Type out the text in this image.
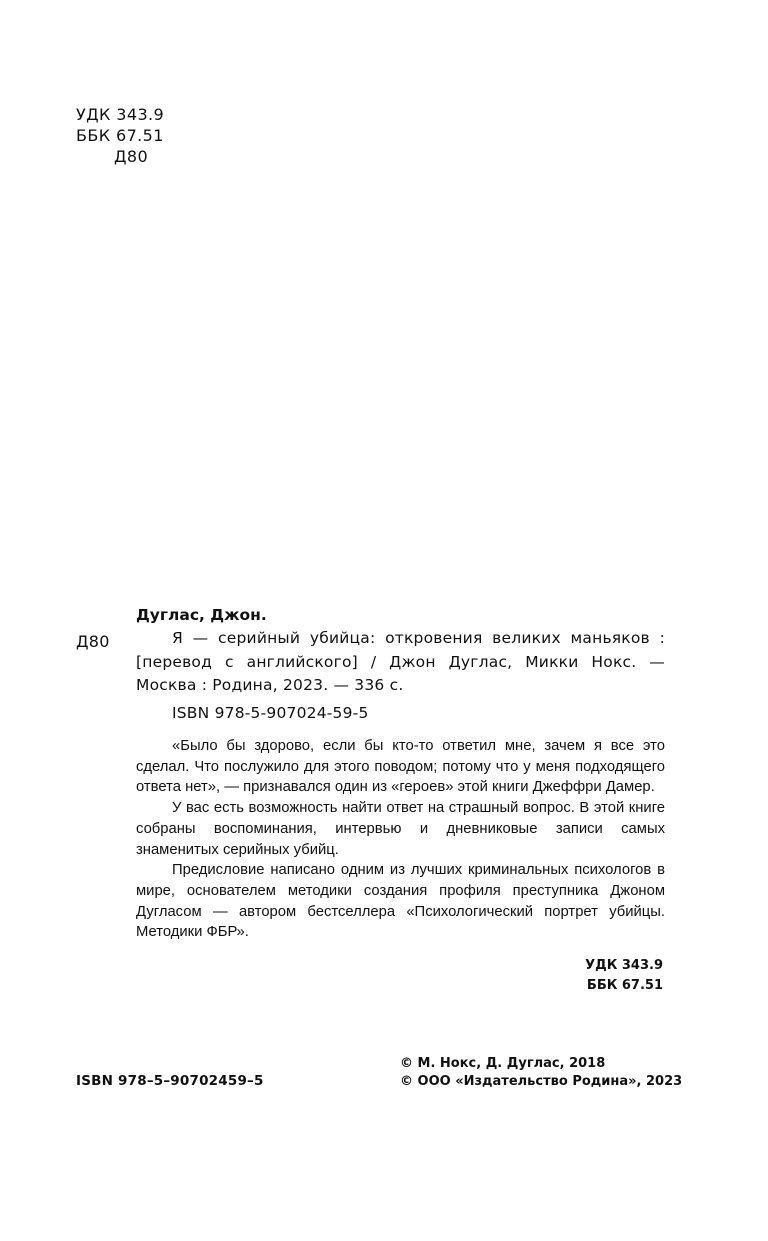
УДК 343.9
ББК 67.51
Д80
Дуглас, Джон.
Д80	Я — серийный убийца: откровения великих маньяков : [перевод с английского] / Джон Дуглас, Микки Нокс. — Москва : Родина, 2023. — 336 с.
ISBN 978-5-907024-59-5

«Было бы здорово, если бы кто-то ответил мне, зачем я все это сделал. Что послужило для этого поводом; потому что у меня подходящего ответа нет», — признавался один из «героев» этой книги Джеффри Дамер.

У вас есть возможность найти ответ на страшный вопрос. В этой книге собраны воспоминания, интервью и дневниковые записи самых знаменитых серийных убийц.

Предисловие написано одним из лучших криминальных психологов в мире, основателем методики создания профиля преступника Джоном Дугласом — автором бестселлера «Психологический портрет убийцы. Методики ФБР».

УДК 343.9
ББК 67.51
ISBN 978–5–90702459–5
© М. Нокс, Д. Дуглас, 2018
© ООО «Издательство Родина», 2023
